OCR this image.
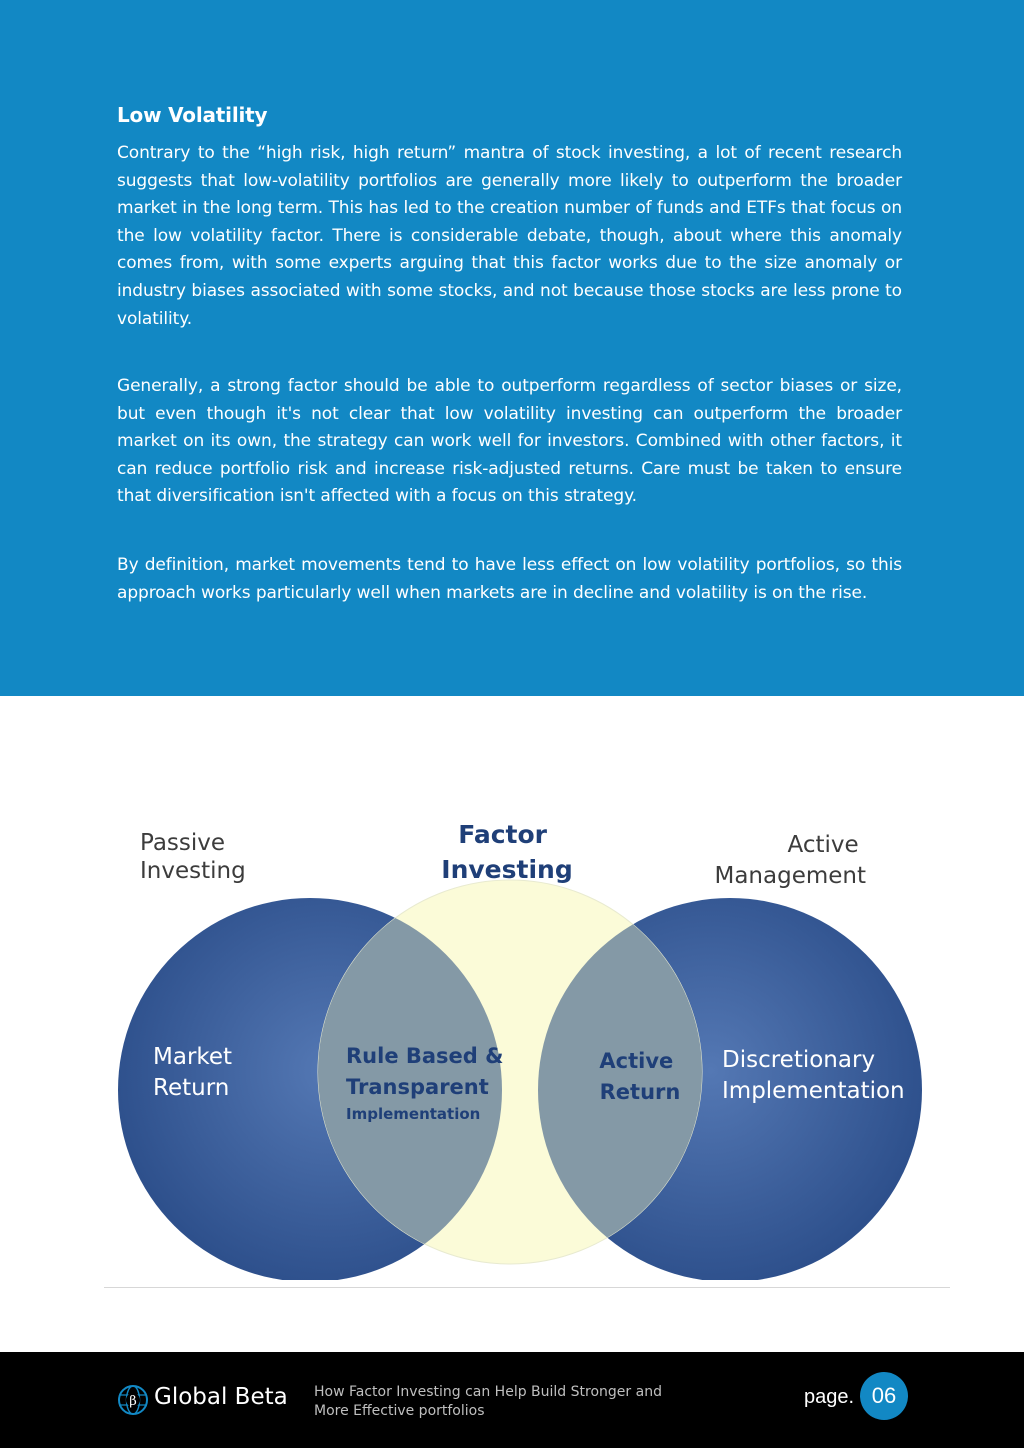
Low Volatility

Contrary to the “high risk, high return” mantra of stock investing, a lot of recent research suggests that low-volatility portfolios are generally more likely to outperform the broader market in the long term. This has led to the creation number of funds and ETFs that focus on the low volatility factor. There is considerable debate, though, about where this anomaly comes from, with some experts arguing that this factor works due to the size anomaly or industry biases associated with some stocks, and not because those stocks are less prone to volatility.

Generally, a strong factor should be able to outperform regardless of sector biases or size, but even though it's not clear that low volatility investing can outperform the broader market on its own, the strategy can work well for investors. Combined with other factors, it can reduce portfolio risk and increase risk-adjusted returns. Care must be taken to ensure that diversification isn't affected with a focus on this strategy.

By definition, market movements tend to have less effect on low volatility portfolios, so this approach works particularly well when markets are in decline and volatility is on the rise.

Passive Investing
Factor Investing
Active Management
Market Return
Rule Based & Transparent
Implementation
Active Return
Discretionary Implementation
β Global Beta How Factor Investing can Help Build Stronger and
More Effective portfolios
page. 06
